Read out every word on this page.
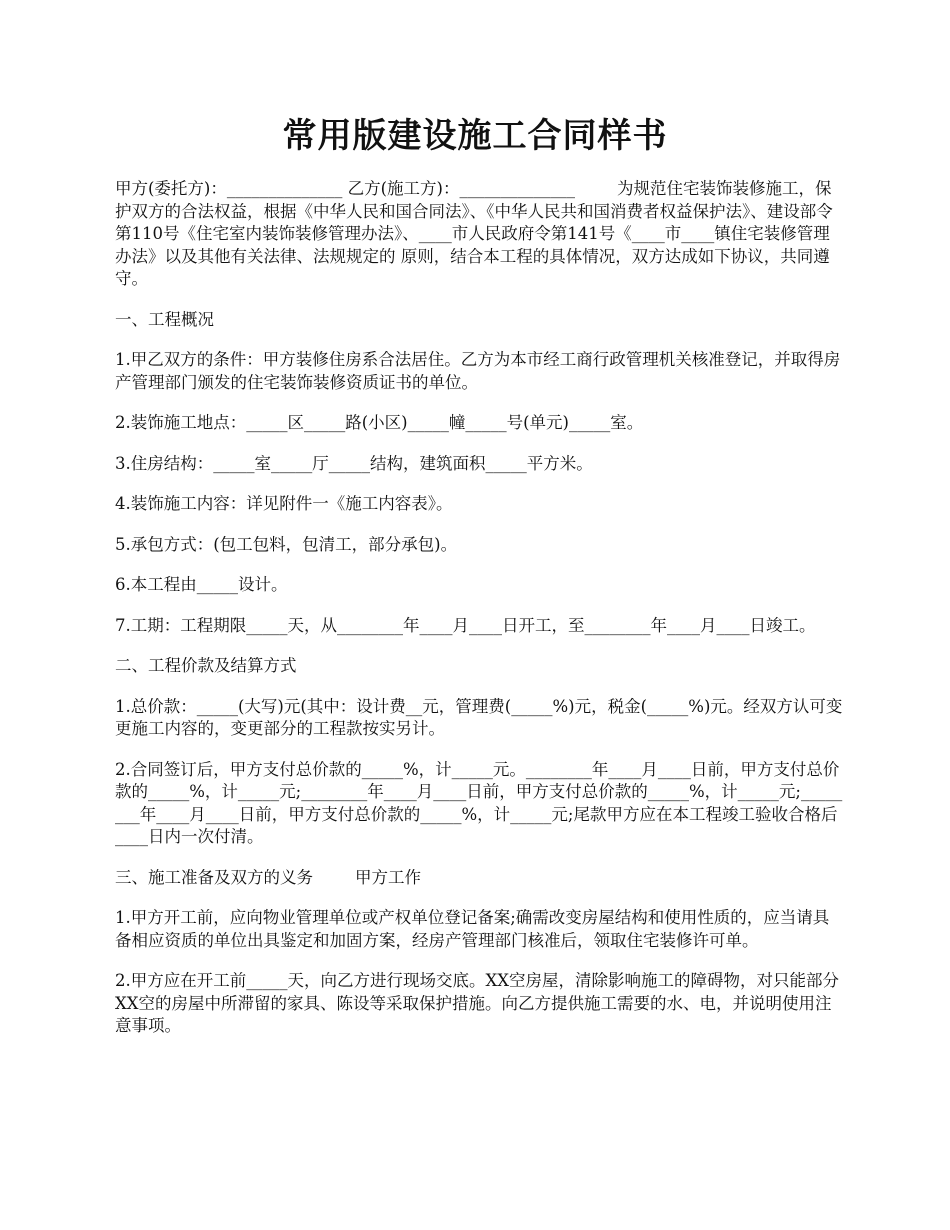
常用版建设施工合同样书

甲方(委托方)：______________ 乙方(施工方)：______________        为规范住宅装饰装修施工，保护双方的合法权益，根据《中华人民和国合同法》、《中华人民共和国消费者权益保护法》、建设部令第110号《住宅室内装饰装修管理办法》、____市人民政府令第141号《____市____镇住宅装修管理办法》以及其他有关法律、法规规定的 原则，结合本工程的具体情况，双方达成如下协议，共同遵守。

一、工程概况

1.甲乙双方的条件：甲方装修住房系合法居住。乙方为本市经工商行政管理机关核准登记，并取得房产管理部门颁发的住宅装饰装修资质证书的单位。

2.装饰施工地点：_____区_____路(小区)_____幢_____号(单元)_____室。

3.住房结构：_____室_____厅_____结构，建筑面积_____平方米。

4.装饰施工内容：详见附件一《施工内容表》。

5.承包方式：(包工包料，包清工，部分承包)。

6.本工程由_____设计。

7.工期：工程期限_____天，从________年____月____日开工，至________年____月____日竣工。

二、工程价款及结算方式

1.总价款：_____(大写)元(其中：设计费__元，管理费(_____%)元，税金(_____%)元。经双方认可变更施工内容的，变更部分的工程款按实另计。

2.合同签订后，甲方支付总价款的_____%，计_____元。________年____月____日前，甲方支付总价款的_____%，计_____元;________年____月____日前，甲方支付总价款的_____%，计_____元;________年____月____日前，甲方支付总价款的_____%，计_____元;尾款甲方应在本工程竣工验收合格后____日内一次付清。

三、施工准备及双方的义务        甲方工作

1.甲方开工前，应向物业管理单位或产权单位登记备案;确需改变房屋结构和使用性质的，应当请具备相应资质的单位出具鉴定和加固方案，经房产管理部门核准后，领取住宅装修许可单。

2.甲方应在开工前_____天，向乙方进行现场交底。XX空房屋，清除影响施工的障碍物，对只能部分XX空的房屋中所滞留的家具、陈设等采取保护措施。向乙方提供施工需要的水、电，并说明使用注意事项。
